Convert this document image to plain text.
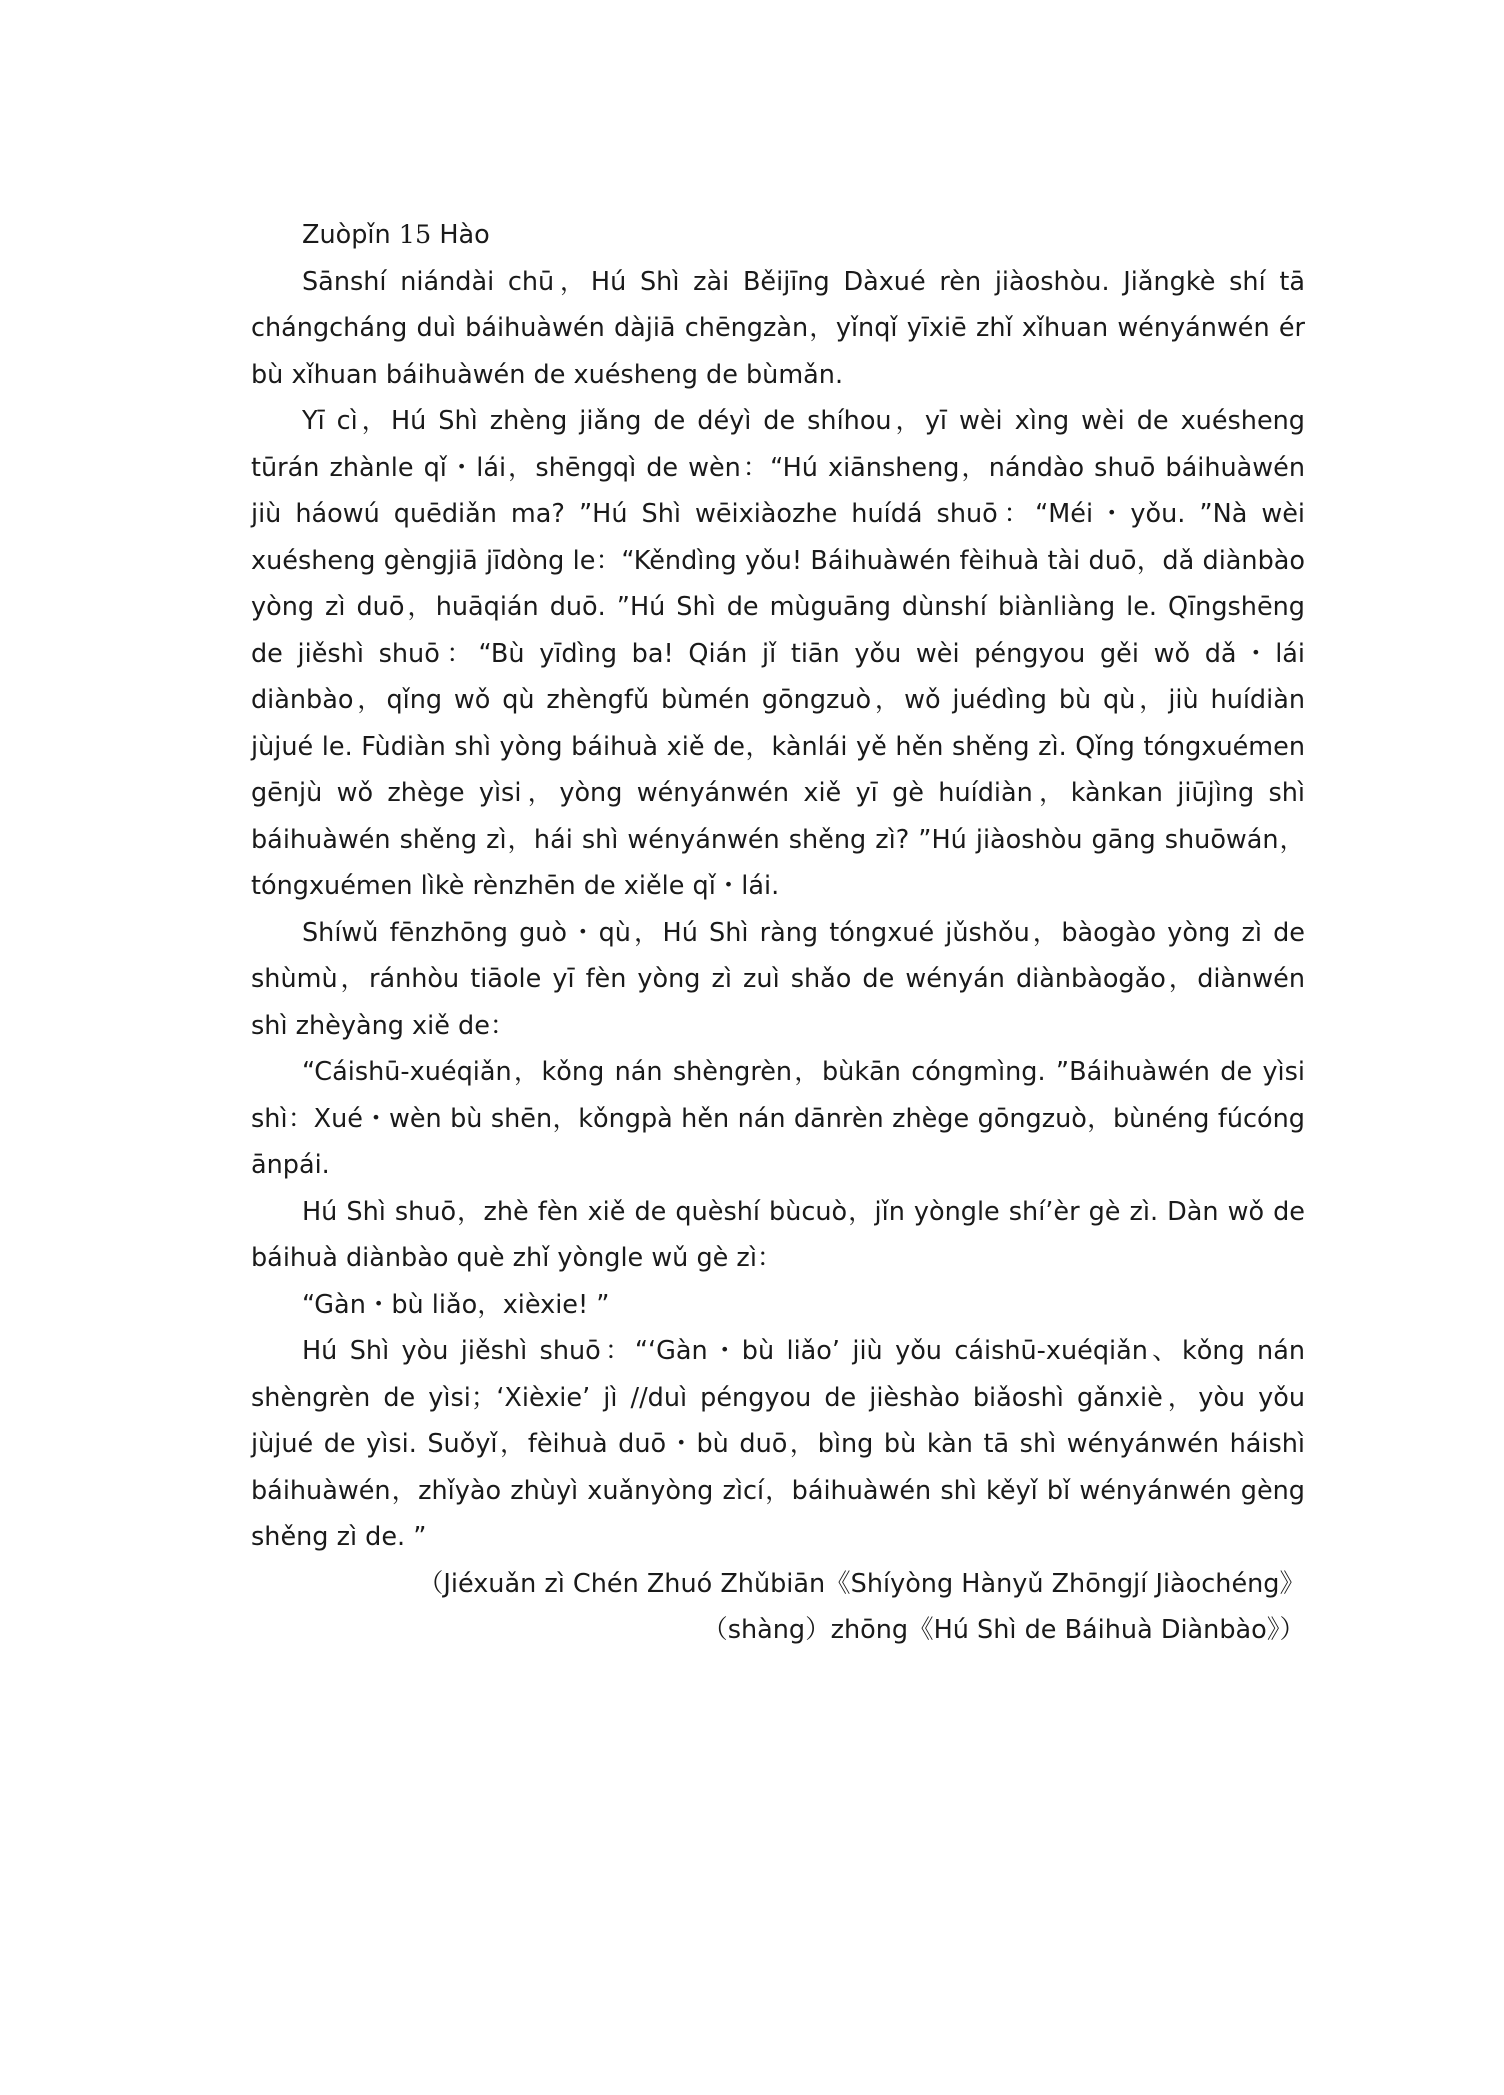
Zuòpǐn 15 Hào

Sānshí niándài chū，Hú Shì zài Běijīng Dàxué rèn jiàoshòu. Jiǎngkè shí tā chángcháng duì báihuàwén dàjiā chēngzàn，yǐnqǐ yīxiē zhǐ xǐhuan wényánwén ér bù xǐhuan báihuàwén de xuésheng de bùmǎn.

Yī cì，Hú Shì zhèng jiǎng de déyì de shíhou，yī wèi xìng wèi de xuésheng tūrán zhànle qǐ・lái，shēngqì de wèn：“Hú xiānsheng，nándào shuō báihuàwén jiù háowú quēdiǎn ma? ”Hú Shì wēixiàozhe huídá shuō：“Méi・yǒu. ”Nà wèi xuésheng gèngjiā jīdòng le：“Kěndìng yǒu! Báihuàwén fèihuà tài duō，dǎ diànbào yòng zì duō，huāqián duō. ”Hú Shì de mùguāng dùnshí biànliàng le. Qīngshēng de jiěshì shuō：“Bù yīdìng ba! Qián jǐ tiān yǒu wèi péngyou gěi wǒ dǎ・lái diànbào，qǐng wǒ qù zhèngfǔ bùmén gōngzuò，wǒ juédìng bù qù，jiù huídiàn jùjué le. Fùdiàn shì yòng báihuà xiě de，kànlái yě hěn shěng zì. Qǐng tóngxuémen gēnjù wǒ zhège yìsi，yòng wényánwén xiě yī gè huídiàn，kànkan jiūjìng shì báihuàwén shěng zì，hái shì wényánwén shěng zì? ”Hú jiàoshòu gāng shuōwán，tóngxuémen lìkè rènzhēn de xiěle qǐ・lái.

Shíwǔ fēnzhōng guò・qù，Hú Shì ràng tóngxué jǔshǒu，bàogào yòng zì de shùmù，ránhòu tiāole yī fèn yòng zì zuì shǎo de wényán diànbàogǎo，diànwén shì zhèyàng xiě de：

“Cáishū-xuéqiǎn，kǒng nán shèngrèn，bùkān cóngmìng. ”Báihuàwén de yìsi shì：Xué・wèn bù shēn，kǒngpà hěn nán dānrèn zhège gōngzuò，bùnéng fúcóng ānpái.

Hú Shì shuō，zhè fèn xiě de quèshí bùcuò，jǐn yòngle shí’èr gè zì. Dàn wǒ de báihuà diànbào què zhǐ yòngle wǔ gè zì：

“Gàn・bù liǎo，xièxie! ”

Hú Shì yòu jiěshì shuō：“‘Gàn・bù liǎo’ jiù yǒu cáishū-xuéqiǎn、kǒng nán shèngrèn de yìsi；‘Xièxie’ jì //duì péngyou de jièshào biǎoshì gǎnxiè，yòu yǒu jùjué de yìsi. Suǒyǐ，fèihuà duō・bù duō，bìng bù kàn tā shì wényánwén háishì báihuàwén，zhǐyào zhùyì xuǎnyòng zìcí，báihuàwén shì kěyǐ bǐ wényánwén gèng shěng zì de. ”

（Jiéxuǎn zì Chén Zhuó Zhǔbiān《Shíyòng Hànyǔ Zhōngjí Jiàochéng》

（shàng）zhōng《Hú Shì de Báihuà Diànbào》）
